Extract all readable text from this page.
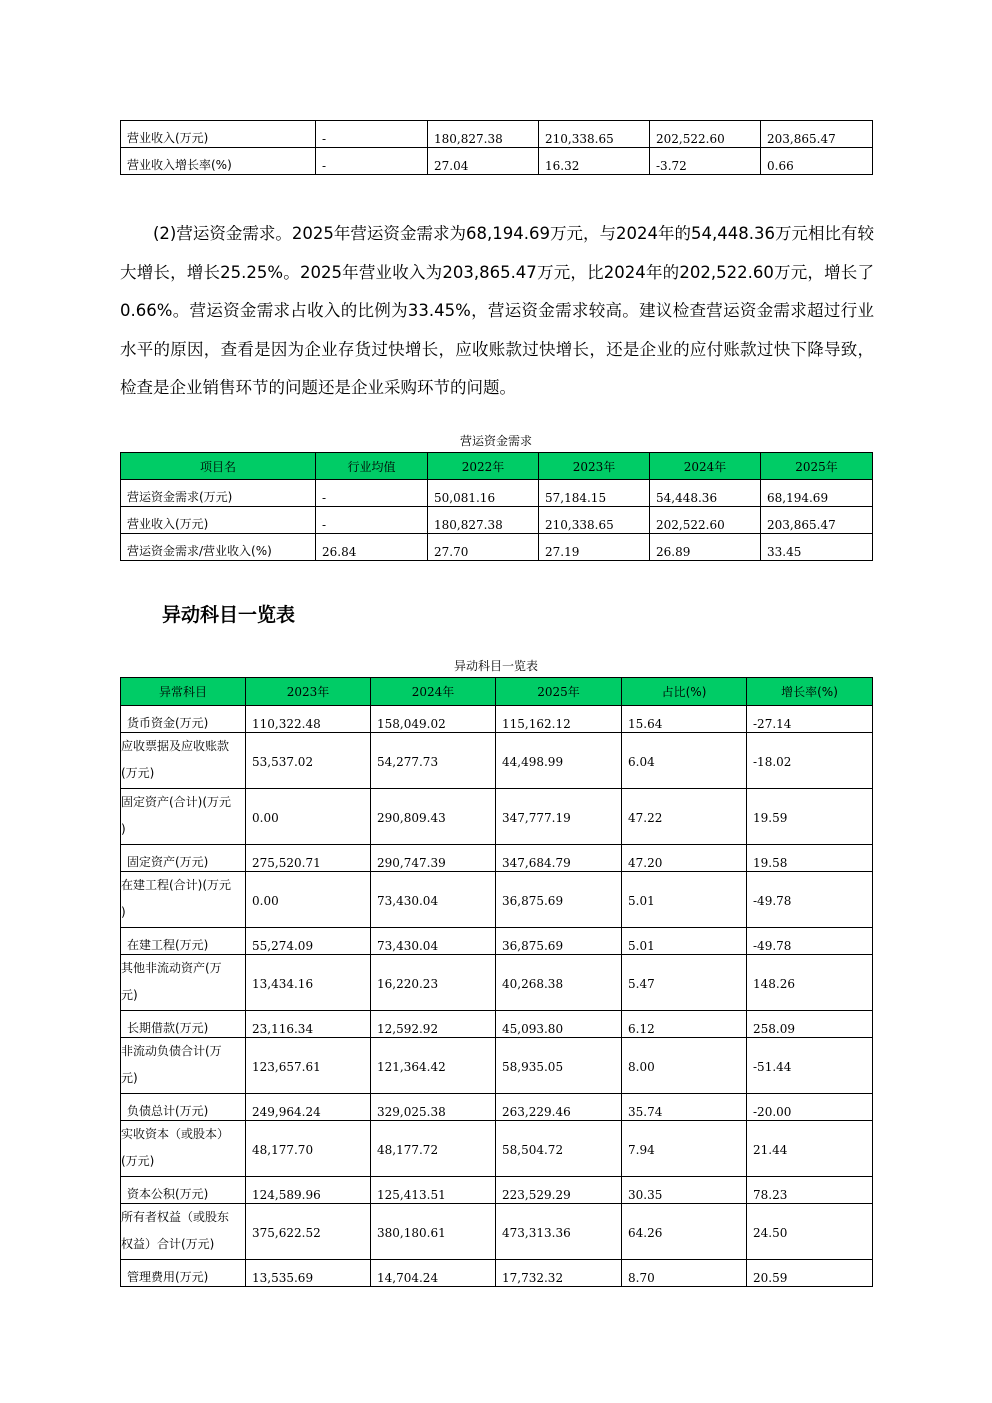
营业收入(万元)	-	180,827.38	210,338.65	202,522.60	203,865.47
营业收入增长率(%)	-	27.04	16.32	-3.72	0.66

(2)营运资金需求。2025年营运资金需求为68,194.69万元，与2024年的54,448.36万元相比有较大增长，增长25.25%。2025年营业收入为203,865.47万元，比2024年的202,522.60万元，增长了0.66%。营运资金需求占收入的比例为33.45%，营运资金需求较高。建议检查营运资金需求超过行业水平的原因，查看是因为企业存货过快增长，应收账款过快增长，还是企业的应付账款过快下降导致，检查是企业销售环节的问题还是企业采购环节的问题。

营运资金需求
项目名	行业均值	2022年	2023年	2024年	2025年
营运资金需求(万元)	-	50,081.16	57,184.15	54,448.36	68,194.69
营业收入(万元)	-	180,827.38	210,338.65	202,522.60	203,865.47
营运资金需求/营业收入(%)	26.84	27.70	27.19	26.89	33.45
异动科目一览表
异动科目一览表
异常科目	2023年	2024年	2025年	占比(%)	增长率(%)
货币资金(万元)	110,322.48	158,049.02	115,162.12	15.64	-27.14

应收票据及应收账款
(万元)	53,537.02	54,277.73	44,498.99	6.04	-18.02

固定资产(合计)(万元
)	0.00	290,809.43	347,777.19	47.22	19.59
固定资产(万元)	275,520.71	290,747.39	347,684.79	47.20	19.58

在建工程(合计)(万元
)	0.00	73,430.04	36,875.69	5.01	-49.78
在建工程(万元)	55,274.09	73,430.04	36,875.69	5.01	-49.78

其他非流动资产(万
元)	13,434.16	16,220.23	40,268.38	5.47	148.26
长期借款(万元)	23,116.34	12,592.92	45,093.80	6.12	258.09

非流动负债合计(万
元)	123,657.61	121,364.42	58,935.05	8.00	-51.44
负债总计(万元)	249,964.24	329,025.38	263,229.46	35.74	-20.00

实收资本（或股本）
(万元)	48,177.70	48,177.72	58,504.72	7.94	21.44
资本公积(万元)	124,589.96	125,413.51	223,529.29	30.35	78.23

所有者权益（或股东
权益）合计(万元)	375,622.52	380,180.61	473,313.36	64.26	24.50
管理费用(万元)	13,535.69	14,704.24	17,732.32	8.70	20.59
